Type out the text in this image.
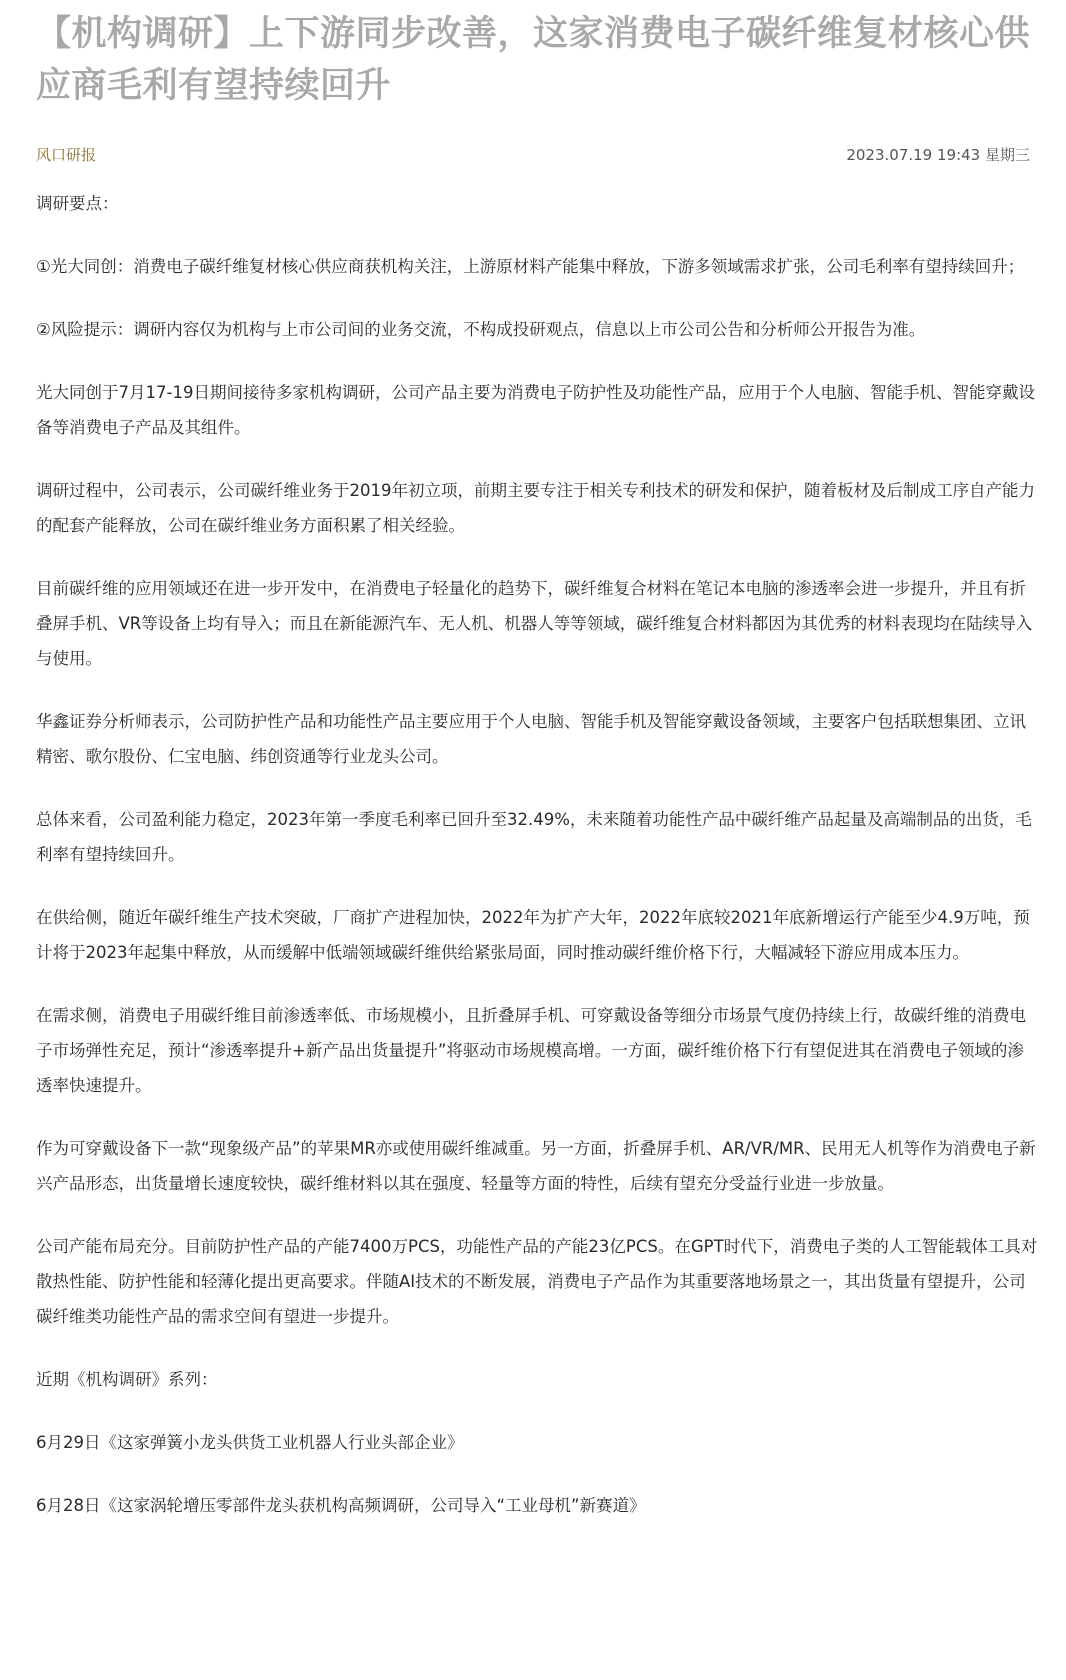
【机构调研】上下游同步改善，这家消费电子碳纤维复材核心供应商毛利有望持续回升
风口研报	2023.07.19 19:43 星期三

调研要点：

①光大同创：消费电子碳纤维复材核心供应商获机构关注，上游原材料产能集中释放，下游多领域需求扩张，公司毛利率有望持续回升；

②风险提示：调研内容仅为机构与上市公司间的业务交流，不构成投研观点，信息以上市公司公告和分析师公开报告为准。

光大同创于7月17-19日期间接待多家机构调研，公司产品主要为消费电子防护性及功能性产品，应用于个人电脑、智能手机、智能穿戴设备等消费电子产品及其组件。

调研过程中，公司表示，公司碳纤维业务于2019年初立项，前期主要专注于相关专利技术的研发和保护，随着板材及后制成工序自产能力的配套产能释放，公司在碳纤维业务方面积累了相关经验。

目前碳纤维的应用领域还在进一步开发中，在消费电子轻量化的趋势下，碳纤维复合材料在笔记本电脑的渗透率会进一步提升，并且有折叠屏手机、VR等设备上均有导入；而且在新能源汽车、无人机、机器人等等领域，碳纤维复合材料都因为其优秀的材料表现均在陆续导入与使用。

华鑫证券分析师表示，公司防护性产品和功能性产品主要应用于个人电脑、智能手机及智能穿戴设备领域，主要客户包括联想集团、立讯精密、歌尔股份、仁宝电脑、纬创资通等行业龙头公司。

总体来看，公司盈利能力稳定，2023年第一季度毛利率已回升至32.49%，未来随着功能性产品中碳纤维产品起量及高端制品的出货，毛利率有望持续回升。

在供给侧，随近年碳纤维生产技术突破，厂商扩产进程加快，2022年为扩产大年，2022年底较2021年底新增运行产能至少4.9万吨，预计将于2023年起集中释放，从而缓解中低端领域碳纤维供给紧张局面，同时推动碳纤维价格下行，大幅减轻下游应用成本压力。

在需求侧，消费电子用碳纤维目前渗透率低、市场规模小，且折叠屏手机、可穿戴设备等细分市场景气度仍持续上行，故碳纤维的消费电子市场弹性充足，预计“渗透率提升+新产品出货量提升”将驱动市场规模高增。一方面，碳纤维价格下行有望促进其在消费电子领域的渗透率快速提升。

作为可穿戴设备下一款“现象级产品”的苹果MR亦或使用碳纤维减重。另一方面，折叠屏手机、AR/VR/MR、民用无人机等作为消费电子新兴产品形态，出货量增长速度较快，碳纤维材料以其在强度、轻量等方面的特性，后续有望充分受益行业进一步放量。

公司产能布局充分。目前防护性产品的产能7400万PCS，功能性产品的产能23亿PCS。在GPT时代下，消费电子类的人工智能载体工具对散热性能、防护性能和轻薄化提出更高要求。伴随AI技术的不断发展，消费电子产品作为其重要落地场景之一，其出货量有望提升，公司碳纤维类功能性产品的需求空间有望进一步提升。

近期《机构调研》系列：

6月29日《这家弹簧小龙头供货工业机器人行业头部企业》

6月28日《这家涡轮增压零部件龙头获机构高频调研，公司导入“工业母机”新赛道》
